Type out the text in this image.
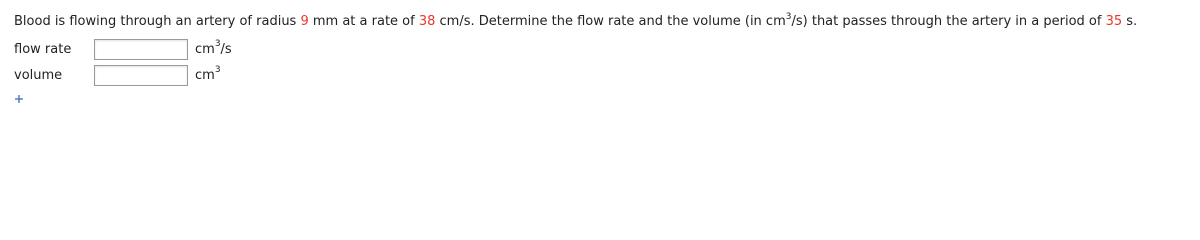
Blood is flowing through an artery of radius 9 mm at a rate of 38 cm/s. Determine the flow rate and the volume (in $cm^3/s$) that passes through the artery in a period of 35 s.
flow rate	$cm^3/s$
volume	$cm^3$
